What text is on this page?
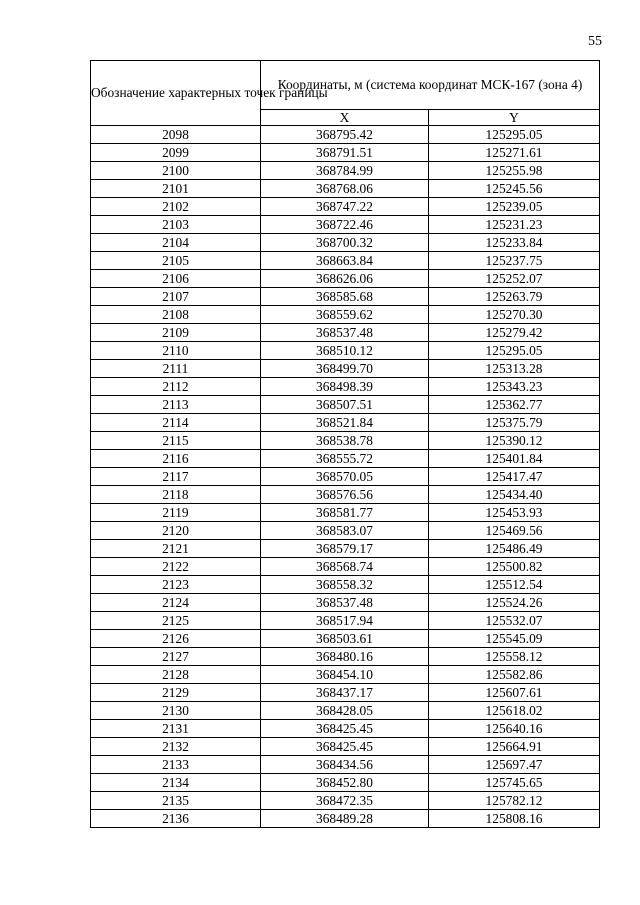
55
Обозначение характерных точек границы	Координаты, м (система координат МСК-167 (зона 4)	
	X	Y
2098	368795.42	125295.05
2099	368791.51	125271.61
2100	368784.99	125255.98
2101	368768.06	125245.56
2102	368747.22	125239.05
2103	368722.46	125231.23
2104	368700.32	125233.84
2105	368663.84	125237.75
2106	368626.06	125252.07
2107	368585.68	125263.79
2108	368559.62	125270.30
2109	368537.48	125279.42
2110	368510.12	125295.05
2111	368499.70	125313.28
2112	368498.39	125343.23
2113	368507.51	125362.77
2114	368521.84	125375.79
2115	368538.78	125390.12
2116	368555.72	125401.84
2117	368570.05	125417.47
2118	368576.56	125434.40
2119	368581.77	125453.93
2120	368583.07	125469.56
2121	368579.17	125486.49
2122	368568.74	125500.82
2123	368558.32	125512.54
2124	368537.48	125524.26
2125	368517.94	125532.07
2126	368503.61	125545.09
2127	368480.16	125558.12
2128	368454.10	125582.86
2129	368437.17	125607.61
2130	368428.05	125618.02
2131	368425.45	125640.16
2132	368425.45	125664.91
2133	368434.56	125697.47
2134	368452.80	125745.65
2135	368472.35	125782.12
2136	368489.28	125808.16
